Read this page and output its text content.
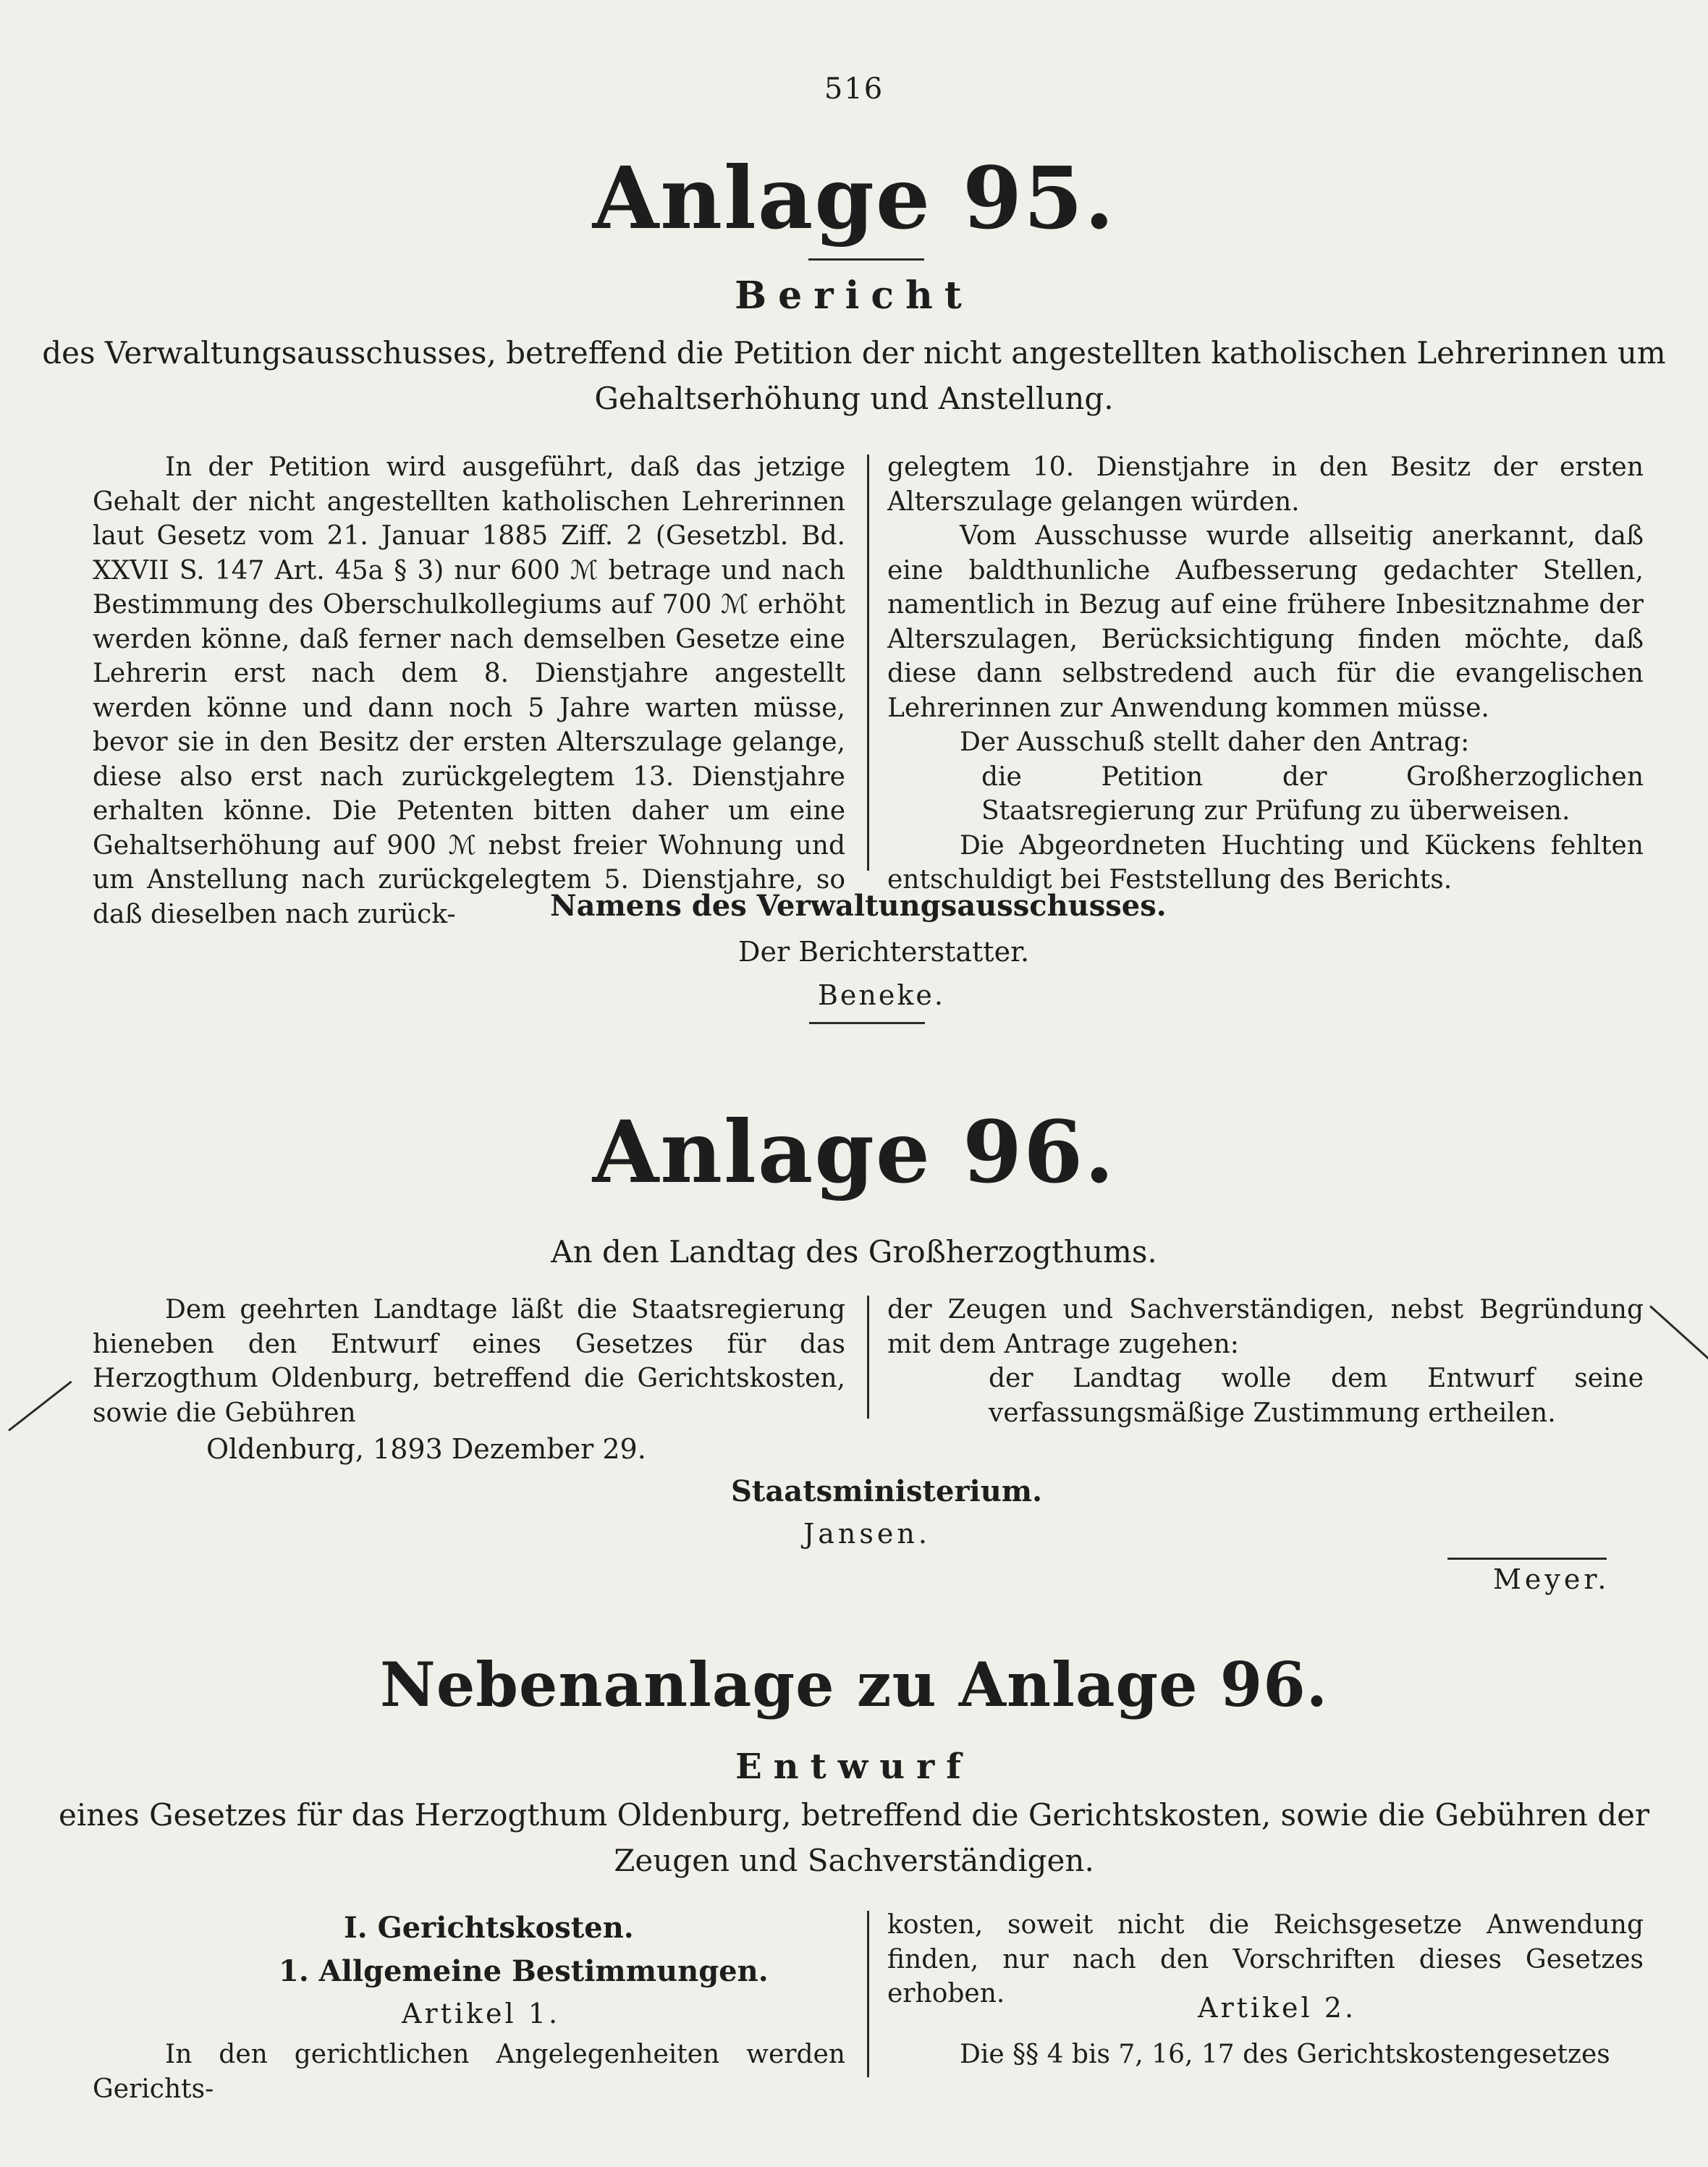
516
Anlage 95.
Bericht
des Verwaltungsausschusses, betreffend die Petition der nicht angestellten katholischen Lehrerinnen um
Gehaltserhöhung und Anstellung.

In der Petition wird ausgeführt, daß das jetzige Gehalt der nicht angestellten katholischen Lehrerinnen laut Gesetz vom 21. Januar 1885 Ziff. 2 (Gesetzbl. Bd. XXVII S. 147 Art. 45a § 3) nur 600 ℳ betrage und nach Bestimmung des Oberschulkollegiums auf 700 ℳ erhöht werden könne, daß ferner nach demselben Gesetze eine Lehrerin erst nach dem 8. Dienstjahre angestellt werden könne und dann noch 5 Jahre warten müsse, bevor sie in den Besitz der ersten Alterszulage gelange, diese also erst nach zurückgelegtem 13. Dienstjahre erhalten könne. Die Petenten bitten daher um eine Gehaltserhöhung auf 900 ℳ nebst freier Wohnung und um Anstellung nach zurückgelegtem 5. Dienstjahre, so daß dieselben nach zurück-

gelegtem 10. Dienstjahre in den Besitz der ersten Alterszulage gelangen würden.

Vom Ausschusse wurde allseitig anerkannt, daß eine baldthunliche Aufbesserung gedachter Stellen, namentlich in Bezug auf eine frühere Inbesitznahme der Alterszulagen, Berücksichtigung finden möchte, daß diese dann selbstredend auch für die evangelischen Lehrerinnen zur Anwendung kommen müsse.

Der Ausschuß stellt daher den Antrag:

die Petition der Großherzoglichen Staatsregierung zur Prüfung zu überweisen.

Die Abgeordneten Huchting und Kückens fehlten entschuldigt bei Feststellung des Berichts.

Namens des Verwaltungsausschusses.
Der Berichterstatter.
Beneke.
Anlage 96.
An den Landtag des Großherzogthums.

Dem geehrten Landtage läßt die Staatsregierung hieneben den Entwurf eines Gesetzes für das Herzogthum Oldenburg, betreffend die Gerichtskosten, sowie die Gebühren

der Zeugen und Sachverständigen, nebst Begründung mit dem Antrage zugehen:

der Landtag wolle dem Entwurf seine verfassungsmäßige Zustimmung ertheilen.

Oldenburg, 1893 Dezember 29.
Staatsministerium.
Jansen.
Meyer.
Nebenanlage zu Anlage 96.
Entwurf
eines Gesetzes für das Herzogthum Oldenburg, betreffend die Gerichtskosten, sowie die Gebühren der
Zeugen und Sachverständigen.
I. Gerichtskosten.
1. Allgemeine Bestimmungen.
Artikel 1.

In den gerichtlichen Angelegenheiten werden Gerichts-

kosten, soweit nicht die Reichsgesetze Anwendung finden, nur nach den Vorschriften dieses Gesetzes erhoben.	Artikel 2.

Die §§ 4 bis 7, 16, 17 des Gerichtskostengesetzes
